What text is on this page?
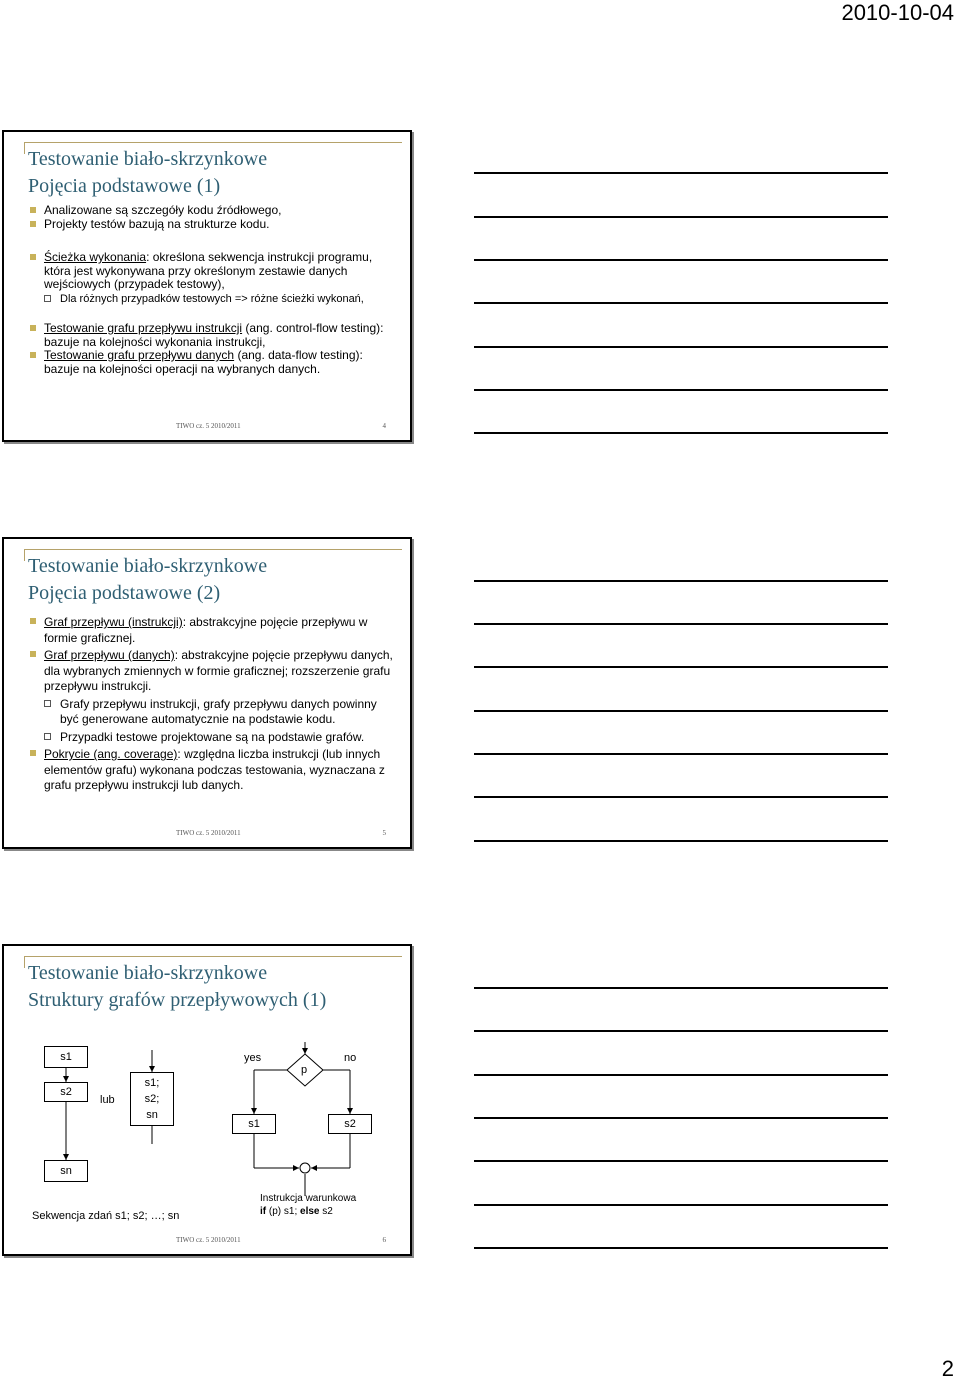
2010-10-04
Testowanie biało-skrzynkowe
Pojęcia podstawowe (1)
Analizowane są szczegóły kodu źródłowego,
Projekty testów bazują na strukturze kodu.
Ścieżka wykonania: określona sekwencja instrukcji programu, która jest wykonywana przy określonym zestawie danych wejściowych (przypadek testowy),
Dla różnych przypadków testowych => różne ścieżki wykonań,
Testowanie grafu przepływu instrukcji (ang. control-flow testing): bazuje na kolejności wykonania instrukcji,
Testowanie grafu przepływu danych (ang. data-flow testing): bazuje na kolejności operacji na wybranych danych.
TIWO cz. 5 2010/2011	4
Testowanie biało-skrzynkowe
Pojęcia podstawowe (2)
Graf przepływu (instrukcji): abstrakcyjne pojęcie przepływu w formie graficznej.
Graf przepływu (danych): abstrakcyjne pojęcie przepływu danych, dla wybranych zmiennych w formie graficznej; rozszerzenie grafu przepływu instrukcji.
Grafy przepływu instrukcji, grafy przepływu danych powinny być generowane automatycznie na podstawie kodu.
Przypadki testowe projektowane są na podstawie grafów.
Pokrycie (ang. coverage): względna liczba instrukcji (lub innych elementów grafu) wykonana podczas testowania, wyznaczana z grafu przepływu instrukcji lub danych.
TIWO cz. 5 2010/2011	5
Testowanie biało-skrzynkowe
Struktury grafów przepływowych (1)
s1
s2
sn
lub
s1;
s2;
sn
Sekwencja zdań s1; s2; …; sn
yes	no
p
s1	s2
Instrukcja warunkowa
if (p) s1; else s2
TIWO cz. 5 2010/2011	6
2
